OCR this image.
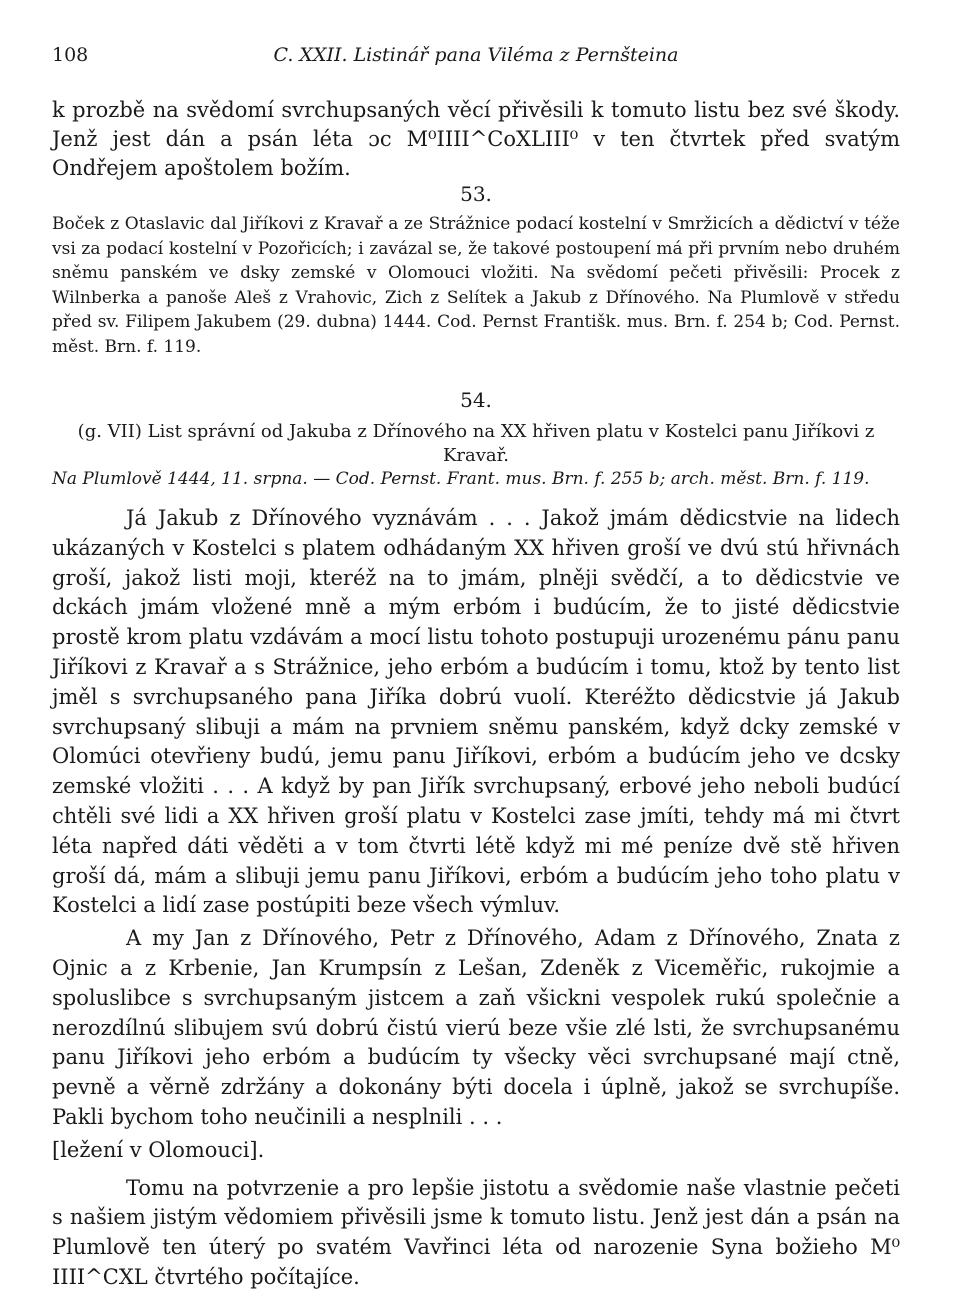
108	C. XXII. Listinář pana Viléma z Pernšteina

k prozbě na svědomí svrchupsaných věcí přivěsili k tomuto listu bez své škody. Jenž jest dán a psán léta ɔc M⁰IIII^CoXLIII⁰ v ten čtvrtek před svatým Ondřejem apoštolem božím.

53.

Boček z Otaslavic dal Jiříkovi z Kravař a ze Strážnice podací kostelní v Smržicích a dědictví v téže vsi za podací kostelní v Pozořicích; i zavázal se, že takové postoupení má při prvním nebo druhém sněmu panském ve dsky zemské v Olomouci vložiti. Na svědomí pečeti přivěsili: Procek z Wilnberka a panoše Aleš z Vrahovic, Zich z Selítek a Jakub z Dřínového. Na Plumlově v středu před sv. Filipem Jakubem (29. dubna) 1444. Cod. Pernst Františk. mus. Brn. f. 254 b; Cod. Pernst. měst. Brn. f. 119.

54.

(g. VII) List správní od Jakuba z Dřínového na XX hřiven platu v Kostelci panu Jiříkovi z Kravař.

Na Plumlově 1444, 11. srpna. — Cod. Pernst. Frant. mus. Brn. f. 255 b; arch. měst. Brn. f. 119.

Já Jakub z Dřínového vyznávám . . . Jakož jmám dědicstvie na lidech ukázaných v Kostelci s platem odhádaným XX hřiven groší ve dvú stú hřivnách groší, jakož listi moji, kteréž na to jmám, plněji svědčí, a to dědicstvie ve dckách jmám vložené mně a mým erbóm i budúcím, že to jisté dědicstvie prostě krom platu vzdávám a mocí listu tohoto postupuji urozenému pánu panu Jiříkovi z Kravař a s Strážnice, jeho erbóm a budúcím i tomu, ktož by tento list jměl s svrchupsaného pana Jiříka dobrú vuolí. Kteréžto dědicstvie já Jakub svrchupsaný slibuji a mám na prvniem sněmu panském, když dcky zemské v Olomúci otevřieny budú, jemu panu Jiříkovi, erbóm a budúcím jeho ve dcsky zemské vložiti . . . A když by pan Jiřík svrchupsaný, erbové jeho neboli budúcí chtěli své lidi a XX hřiven groší platu v Kostelci zase jmíti, tehdy má mi čtvrt léta napřed dáti věděti a v tom čtvrti létě když mi mé peníze dvě stě hřiven groší dá, mám a slibuji jemu panu Jiříkovi, erbóm a budúcím jeho toho platu v Kostelci a lidí zase postúpiti beze všech výmluv.

A my Jan z Dřínového, Petr z Dřínového, Adam z Dřínového, Znata z Ojnic a z Krbenie, Jan Krumpsín z Lešan, Zdeněk z Viceměřic, rukojmie a spoluslibce s svrchupsaným jistcem a zaň všickni vespolek rukú společnie a nerozdílnú slibujem svú dobrú čistú vierú beze všie zlé lsti, že svrchupsanému panu Jiříkovi jeho erbóm a budúcím ty všecky věci svrchupsané mají ctně, pevně a věrně zdržány a dokonány býti docela i úplně, jakož se svrchupíše. Pakli bychom toho neučinili a nesplnili . . .

[ležení v Olomouci].

Tomu na potvrzenie a pro lepšie jistotu a svědomie naše vlastnie pečeti s našiem jistým vědomiem přivěsili jsme k tomuto listu. Jenž jest dán a psán na Plumlově ten úterý po svatém Vavřinci léta od narozenie Syna božieho M⁰ IIII^CXL čtvrtého počítajíce.
